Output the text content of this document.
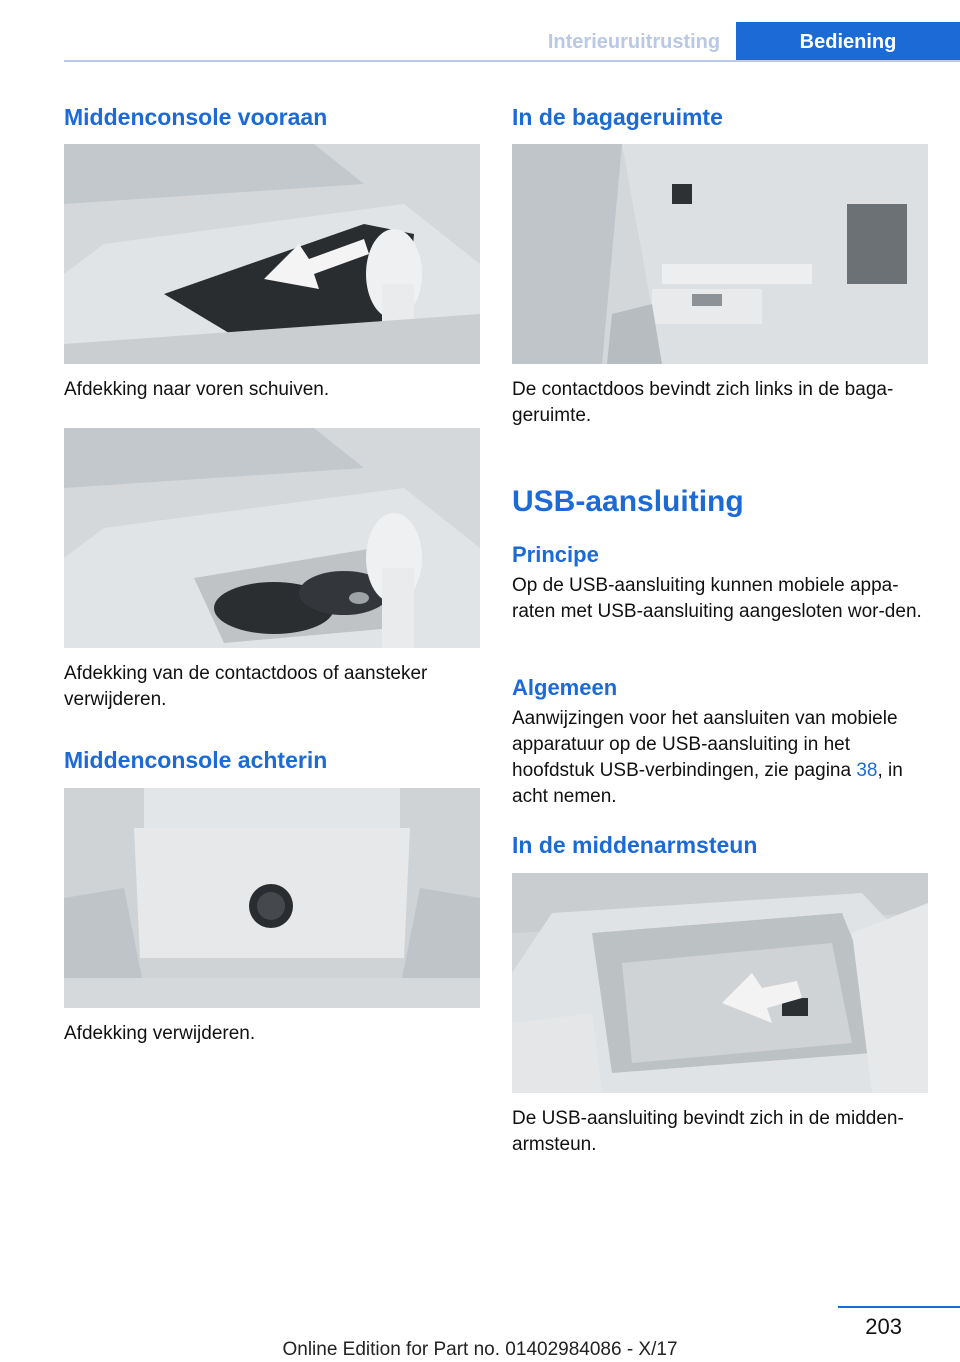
Interieuruitrusting	Bediening
Middenconsole vooraan

Afdekking naar voren schuiven.

Afdekking van de contactdoos of aansteker verwijderen.

Middenconsole achterin

Afdekking verwijderen.

In de bagageruimte

De contactdoos bevindt zich links in de baga‐geruimte.

USB-aansluiting
Principe

Op de USB-aansluiting kunnen mobiele appa‐raten met USB-aansluiting aangesloten wor‐den.

Algemeen

Aanwijzingen voor het aansluiten van mobiele apparatuur op de USB-aansluiting in het hoofdstuk USB-verbindingen, zie pagina 38, in acht nemen.

In de middenarmsteun

De USB-aansluiting bevindt zich in de midden‐armsteun.

203
Online Edition for Part no. 01402984086 - X/17
